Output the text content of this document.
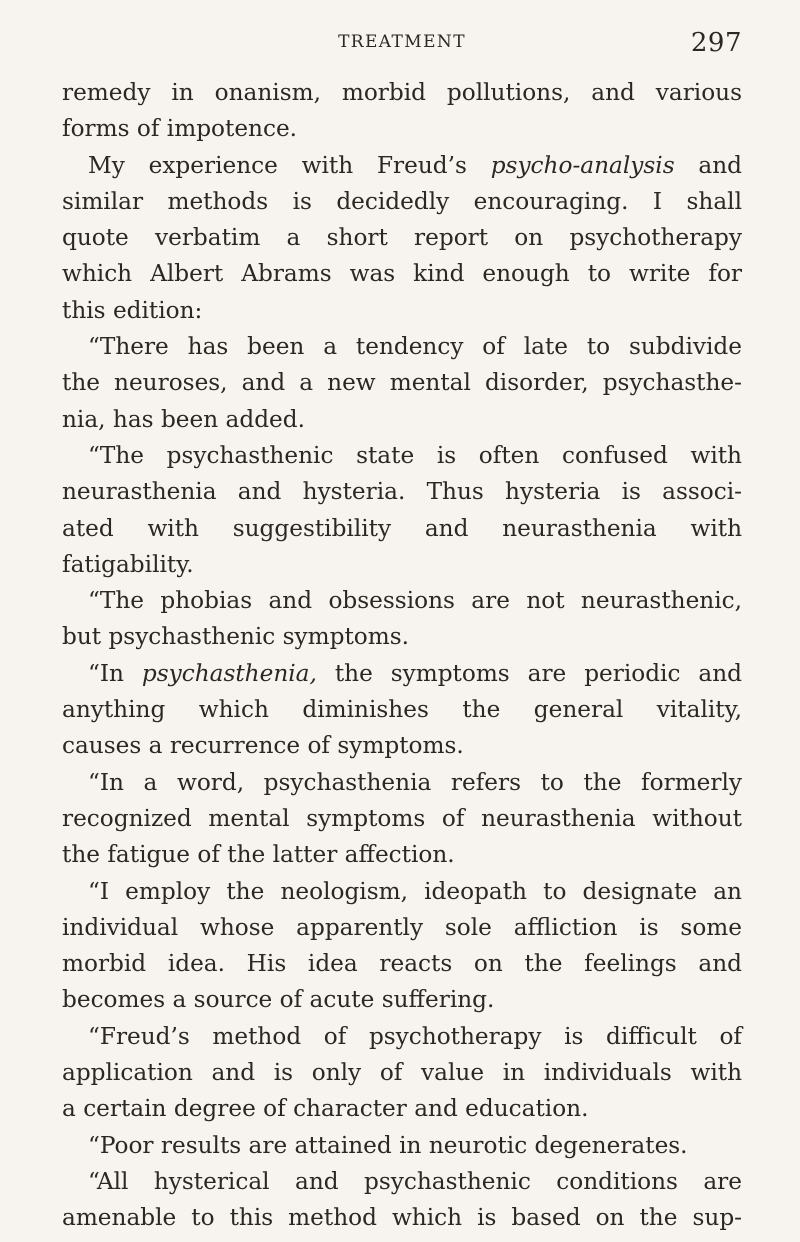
TREATMENT	297
remedy in onanism, morbid pollutions, and various
forms of impotence.
My experience with Freud’s psycho-analysis and
similar methods is decidedly encouraging. I shall
quote verbatim a short report on psychotherapy
which Albert Abrams was kind enough to write for
this edition:
“There has been a tendency of late to subdivide
the neuroses, and a new mental disorder, psychasthe-
nia, has been added.
“The psychasthenic state is often confused with
neurasthenia and hysteria. Thus hysteria is associ-
ated with suggestibility and neurasthenia with
fatigability.
“The phobias and obsessions are not neurasthenic,
but psychasthenic symptoms.
“In psychasthenia, the symptoms are periodic and
anything which diminishes the general vitality,
causes a recurrence of symptoms.
“In a word, psychasthenia refers to the formerly
recognized mental symptoms of neurasthenia without
the fatigue of the latter affection.
“I employ the neologism, ideopath to designate an
individual whose apparently sole affliction is some
morbid idea. His idea reacts on the feelings and
becomes a source of acute suffering.
“Freud’s method of psychotherapy is difficult of
application and is only of value in individuals with
a certain degree of character and education.
“Poor results are attained in neurotic degenerates.
“All hysterical and psychasthenic conditions are
amenable to this method which is based on the sup-
